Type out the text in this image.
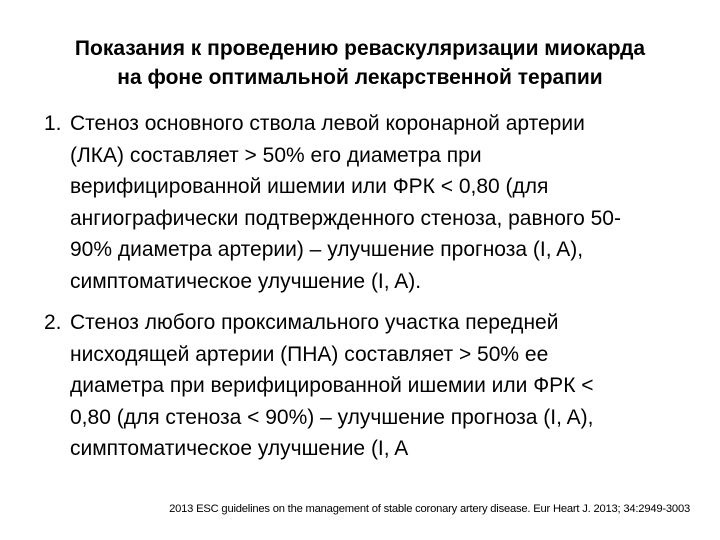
Показания к проведению реваскуляризации миокарда
на фоне оптимальной лекарственной терапии
1. Стеноз основного ствола левой коронарной артерии
(ЛКА) составляет > 50% его диаметра при
верифицированной ишемии или ФРК < 0,80 (для
ангиографически подтвержденного стеноза, равного 50-
90% диаметра артерии) – улучшение прогноза (I, A),
симптоматическое улучшение (I, A).
2. Стеноз любого проксимального участка передней
нисходящей артерии (ПНА) составляет > 50% ее
диаметра при верифицированной ишемии или ФРК <
0,80 (для стеноза < 90%) – улучшение прогноза (I, A),
симптоматическое улучшение (I, A
2013 ESC guidelines on the management of stable coronary artery disease. Eur Heart J. 2013; 34:2949-3003
